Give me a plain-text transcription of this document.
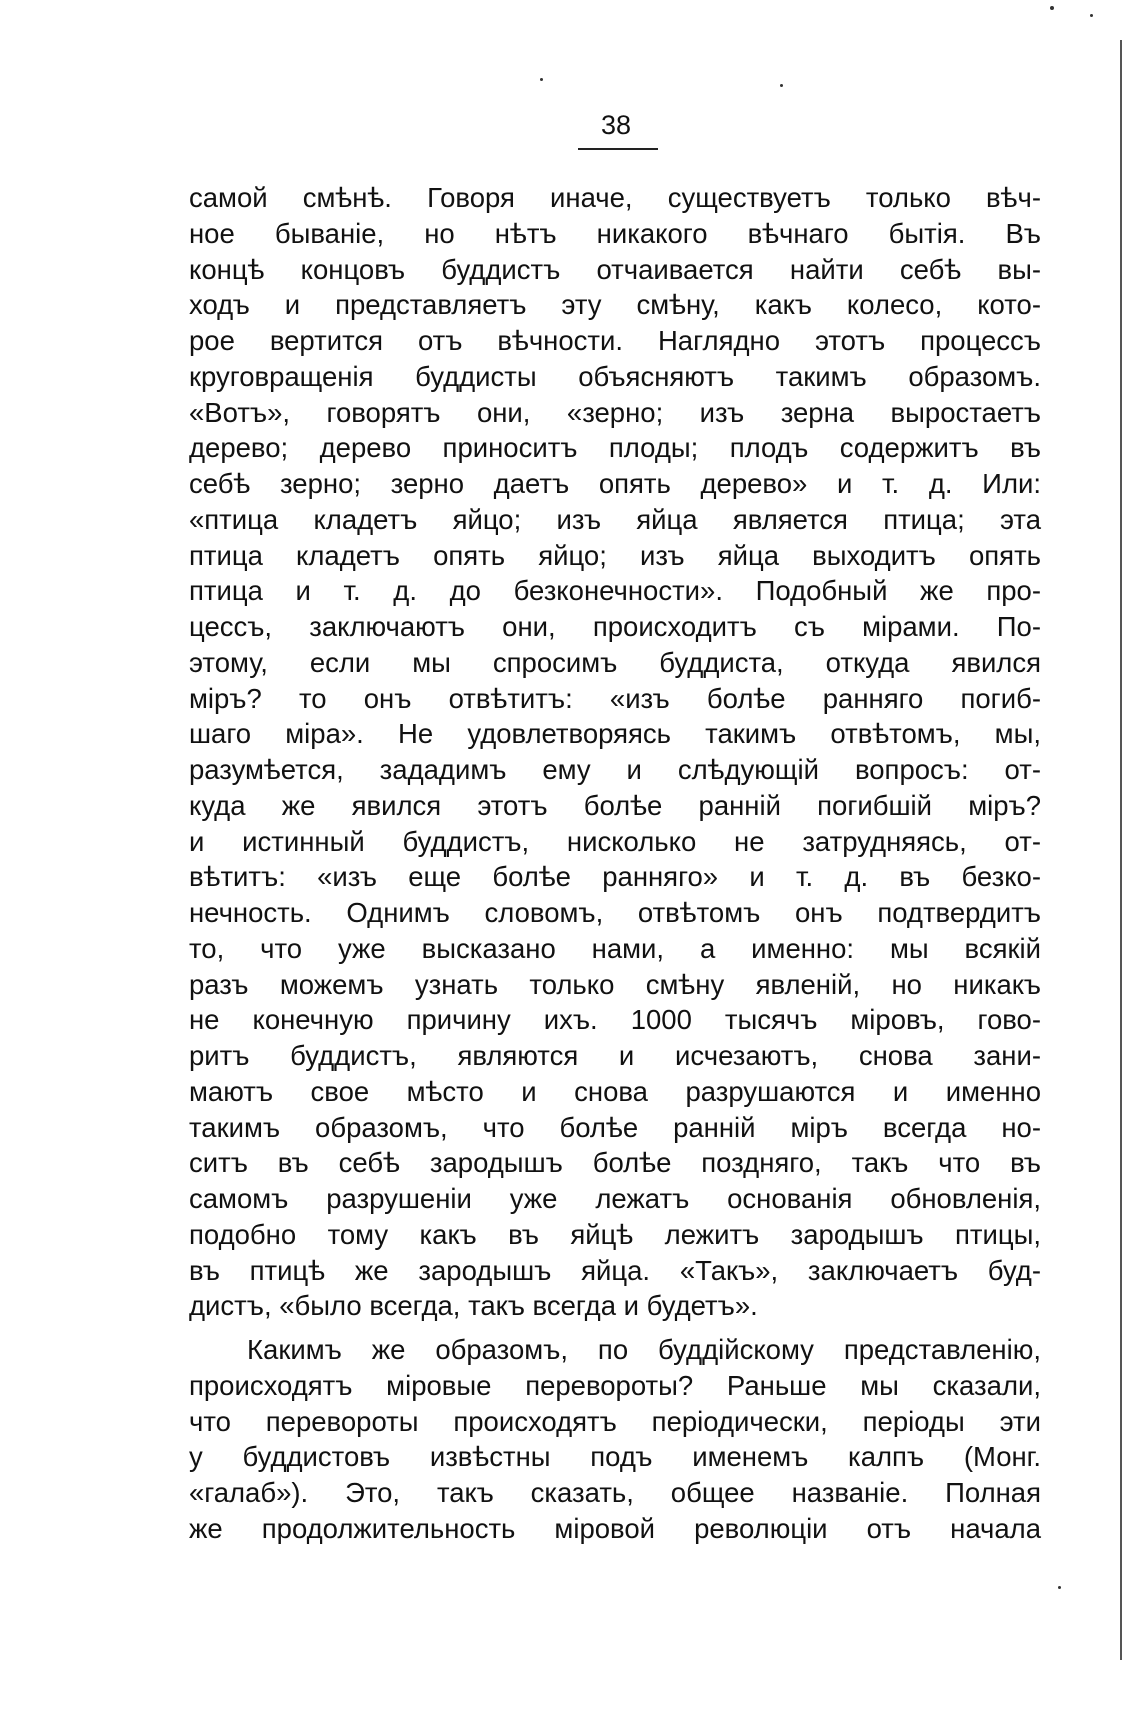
38
самой смѣнѣ. Говоря иначе, существуетъ только вѣч-
ное бываніе, но нѣтъ никакого вѣчнаго бытія. Въ
концѣ концовъ буддистъ отчаивается найти себѣ вы-
ходъ и представляетъ эту смѣну, какъ колесо, кото-
рое вертится отъ вѣчности. Наглядно этотъ процессъ
круговращенія буддисты объясняютъ такимъ образомъ.
«Вотъ», говорятъ они, «зерно; изъ зерна выростаетъ
дерево; дерево приноситъ плоды; плодъ содержитъ въ
себѣ зерно; зерно даетъ опять дерево» и т. д. Или:
«птица кладетъ яйцо; изъ яйца является птица; эта
птица кладетъ опять яйцо; изъ яйца выходитъ опять
птица и т. д. до безконечности». Подобный же про-
цессъ, заключаютъ они, происходитъ съ мірами. По-
этому, если мы спросимъ буддиста, откуда явился
міръ? то онъ отвѣтитъ: «изъ болѣе ранняго погиб-
шаго міра». Не удовлетворяясь такимъ отвѣтомъ, мы,
разумѣется, зададимъ ему и слѣдующій вопросъ: от-
куда же явился этотъ болѣе ранній погибшій міръ?
и истинный буддистъ, нисколько не затрудняясь, от-
вѣтитъ: «изъ еще болѣе ранняго» и т. д. въ безко-
нечность. Однимъ словомъ, отвѣтомъ онъ подтвердитъ
то, что уже высказано нами, а именно: мы всякій
разъ можемъ узнать только смѣну явленій, но никакъ
не конечную причину ихъ. 1000 тысячъ міровъ, гово-
ритъ буддистъ, являются и исчезаютъ, снова зани-
маютъ свое мѣсто и снова разрушаются и именно
такимъ образомъ, что болѣе ранній міръ всегда но-
ситъ въ себѣ зародышъ болѣе поздняго, такъ что въ
самомъ разрушеніи уже лежатъ основанія обновленія,
подобно тому какъ въ яйцѣ лежитъ зародышъ птицы,
въ птицѣ же зародышъ яйца. «Такъ», заключаетъ буд-
дистъ, «было всегда, такъ всегда и будетъ».
Какимъ же образомъ, по буддійскому представленію,
происходятъ міровые перевороты? Раньше мы сказали,
что перевороты происходятъ періодически, періоды эти
у буддистовъ извѣстны подъ именемъ калпъ (Монг.
«галаб»). Это, такъ сказать, общее названіе. Полная
же продолжительность міровой революціи отъ начала
